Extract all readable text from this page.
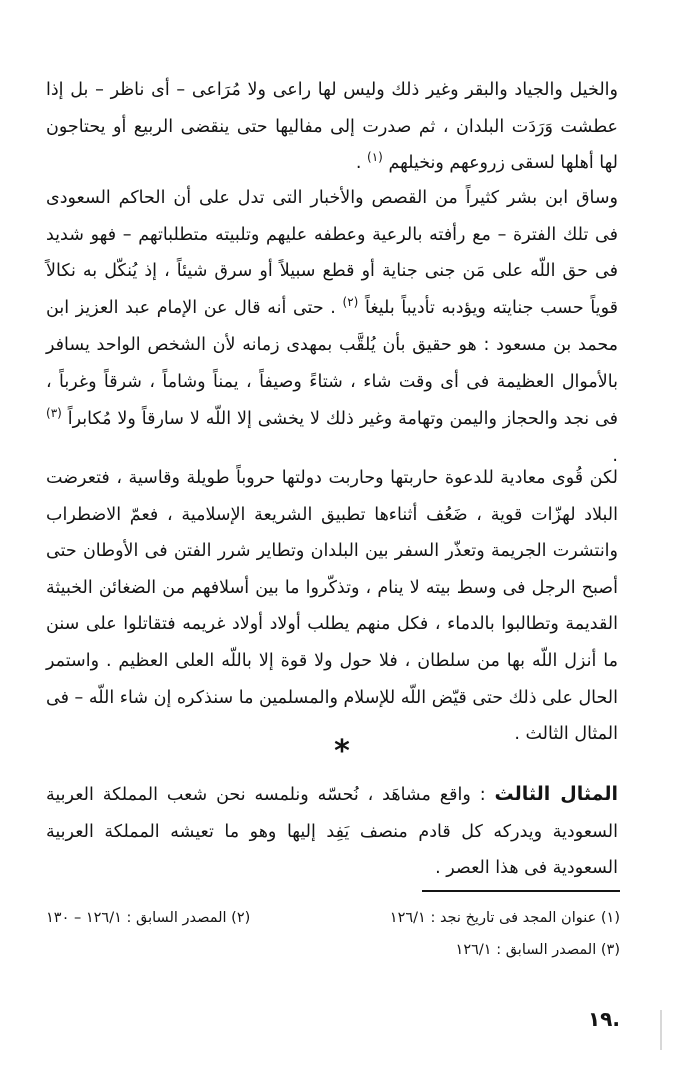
والخيل والجياد والبقر وغير ذلك وليس لها راعى ولا مُرَاعى – أى ناظر – بل إذا عطشت وَرَدَت البلدان ، ثم صدرت إلى مفاليها حتى ينقضى الربيع أو يحتاجون لها أهلها لسقى زروعهم ونخيلهم $^{(١)}$ .

وساق ابن بشر كثيراً من القصص والأخبار التى تدل على أن الحاكم السعودى فى تلك الفترة – مع رأفته بالرعية وعطفه عليهم وتلبيته متطلباتهم – فهو شديد فى حق اللّه على مَن جنى جناية أو قطع سبيلاً أو سرق شيئاً ، إذ يُنكّل به نكالاً قوياً حسب جنايته ويؤدبه تأديباً بليغاً $^{(٢)}$ . حتى أنه قال عن الإمام عبد العزيز ابن محمد بن مسعود : هو حقيق بأن يُلقَّب بمهدى زمانه لأن الشخص الواحد يسافر بالأموال العظيمة فى أى وقت شاء ، شتاءً وصيفاً ، يمناً وشاماً ، شرقاً وغرباً ، فى نجد والحجاز واليمن وتهامة وغير ذلك لا يخشى إلا اللّه لا سارقاً ولا مُكابراً $^{(٣)}$ .

لكن قُوى معادية للدعوة حاربتها وحاربت دولتها حروباً طويلة وقاسية ، فتعرضت البلاد لهزّات قوية ، ضَعُف أثناءها تطبيق الشريعة الإسلامية ، فعمّ الاضطراب وانتشرت الجريمة وتعذّر السفر بين البلدان وتطاير شرر الفتن فى الأوطان حتى أصبح الرجل فى وسط بيته لا ينام ، وتذكّروا ما بين أسلافهم من الضغائن الخبيثة القديمة وتطالبوا بالدماء ، فكل منهم يطلب أولاد أولاد غريمه فتقاتلوا على سنن ما أنزل اللّه بها من سلطان ، فلا حول ولا قوة إلا باللّه العلى العظيم . واستمر الحال على ذلك حتى قيّض اللّه للإسلام والمسلمين ما سنذكره إن شاء اللّه – فى المثال الثالث .

*

المثال الثالث : واقع مشاهَد ، نُحسّه ونلمسه نحن شعب المملكة العربية السعودية ويدركه كل قادم منصف يَفِد إليها وهو ما تعيشه المملكة العربية السعودية فى هذا العصر .

(١) عنوان المجد فى تاريخ نجد : ١٢٦/١
(٢) المصدر السابق : ١٢٦/١ – ١٣٠
(٣) المصدر السابق : ١٢٦/١
١٩.
